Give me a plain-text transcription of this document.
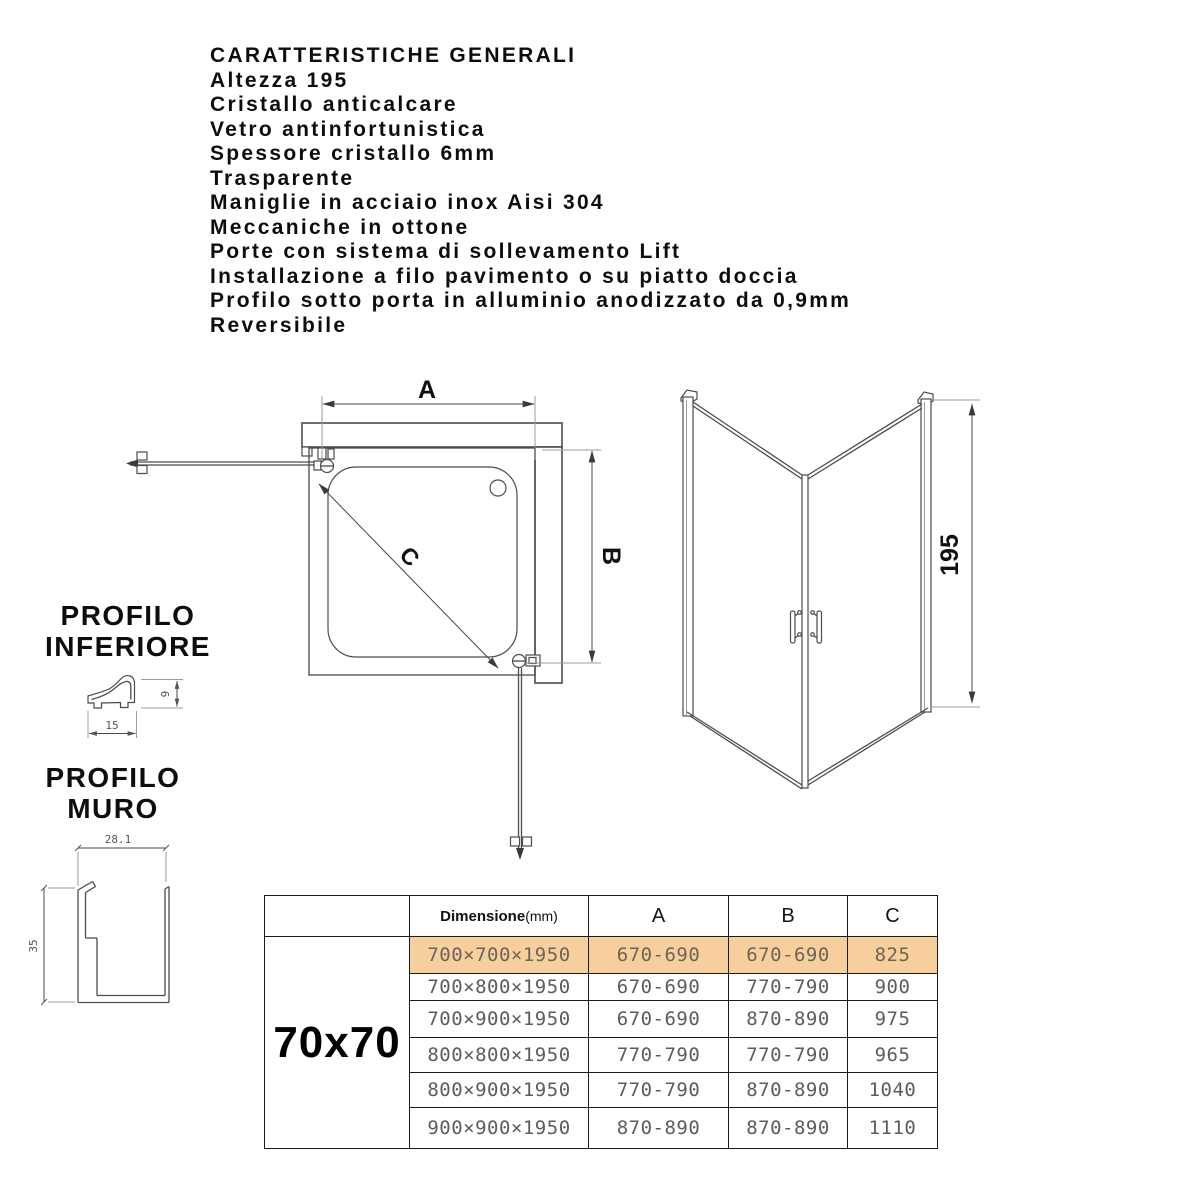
CARATTERISTICHE GENERALI
Altezza 195
Cristallo anticalcare
Vetro antinfortunistica
Spessore cristallo 6mm
Trasparente
Maniglie in acciaio inox Aisi 304
Meccaniche in ottone
Porte con sistema di sollevamento Lift
Installazione a filo pavimento o su piatto doccia
Profilo sotto porta in alluminio anodizzato da 0,9mm
Reversibile
PROFILO
INFERIORE
PROFILO
MURO
A
B
C	195
15
9
28.1
35
	Dimensione(mm)	A	B	C
70x70	700×700×1950	670-690	670-690	825
	700×800×1950	670-690	770-790	900
	700×900×1950	670-690	870-890	975
	800×800×1950	770-790	770-790	965
	800×900×1950	770-790	870-890	1040
	900×900×1950	870-890	870-890	1110
